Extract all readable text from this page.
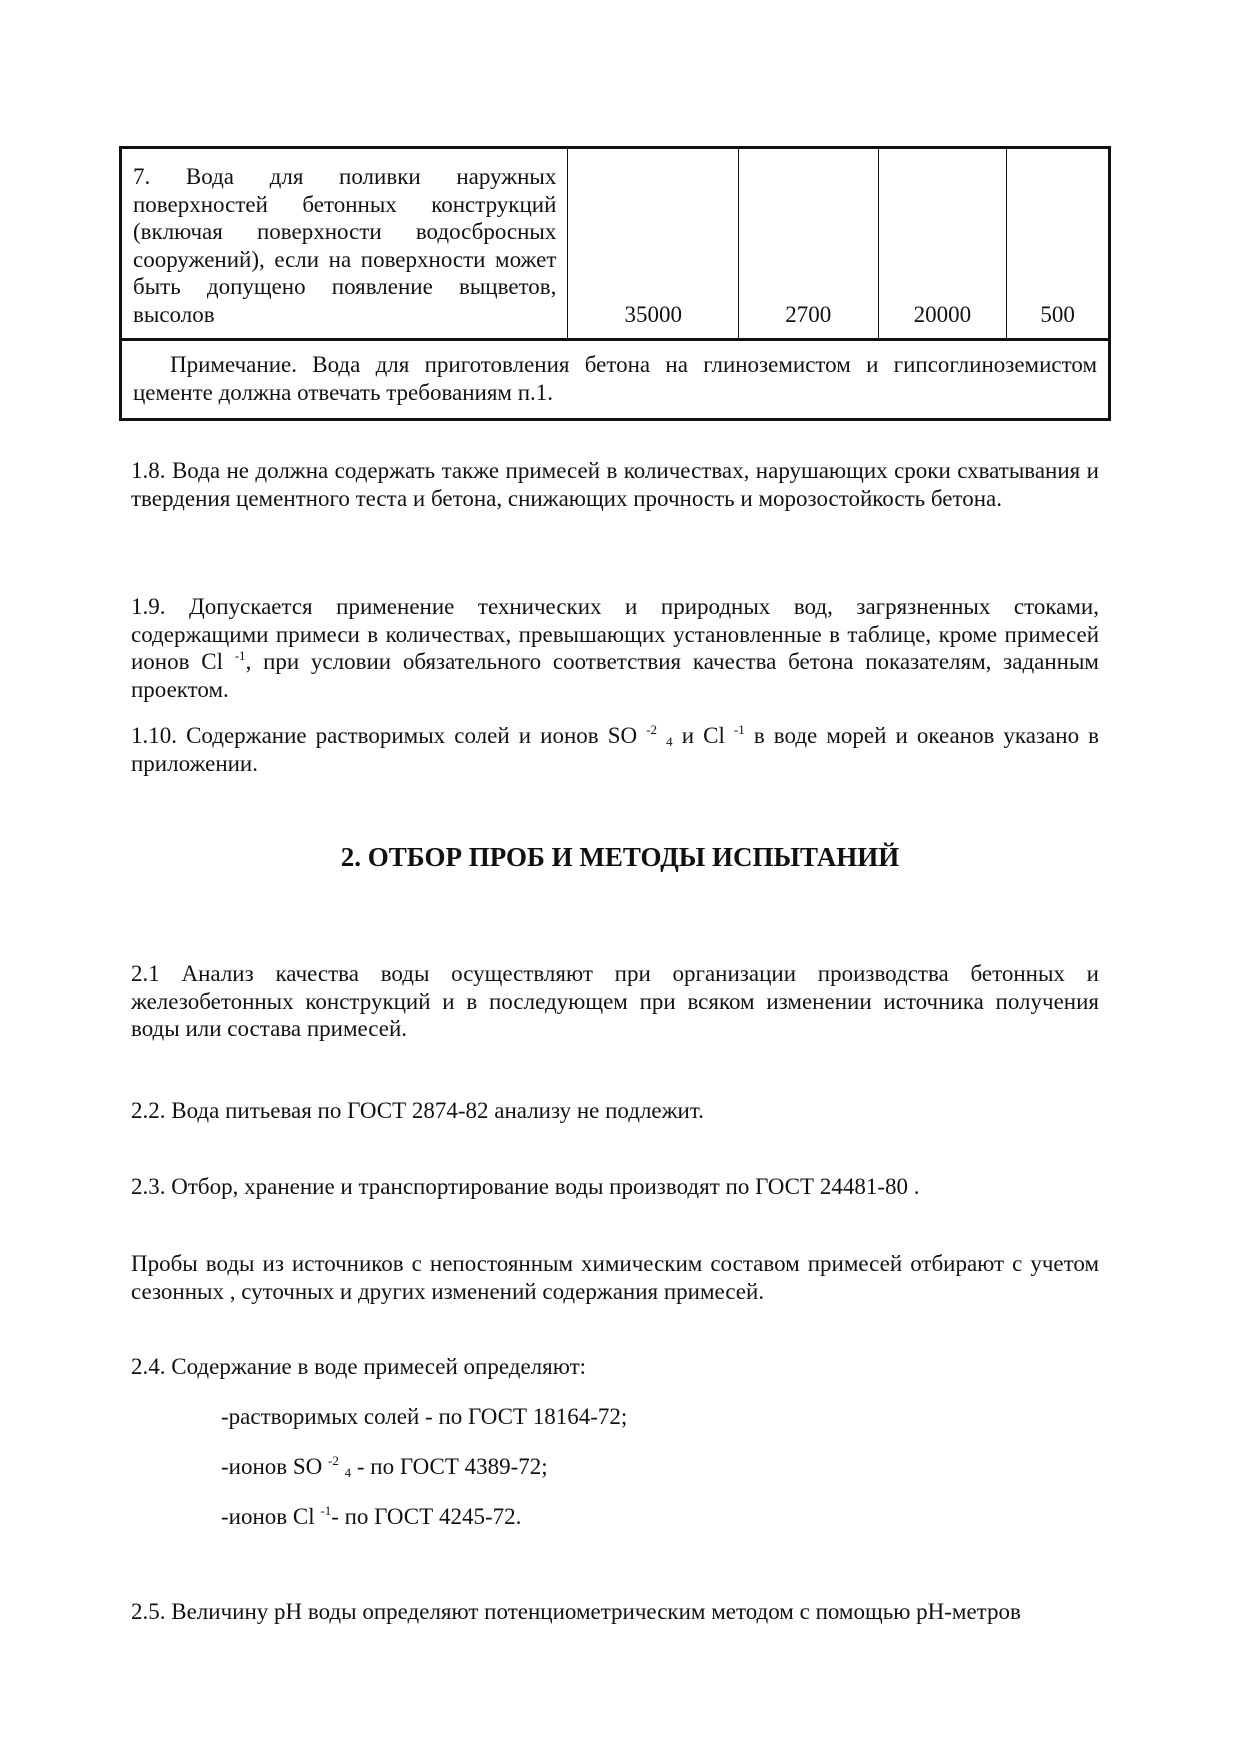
7. Вода для поливки наружных поверхностей бетонных конструкций (включая поверхности водосбросных сооружений), если на поверхности может быть допущено появление выцветов, высолов	35000	2700	20000	500

Примечание. Вода для приготовления бетона на глиноземистом и гипсоглиноземистом цементе должна отвечать требованиям п.1.
1.8. Вода не должна содержать также примесей в количествах, нарушающих сроки схватывания и твердения цементного теста и бетона, снижающих прочность и морозостойкость бетона.
1.9. Допускается применение технических и природных вод, загрязненных стоками, содержащими примеси в количествах, превышающих установленные в таблице, кроме примесей ионов Cl $^{-1}$, при условии обязательного соответствия качества бетона показателям, заданным проектом.
1.10. Содержание растворимых солей и ионов SO $^{-2}$ $_4$ и Cl $^{-1}$ в воде морей и океанов указано в приложении.
2. ОТБОР ПРОБ И МЕТОДЫ ИСПЫТАНИЙ
2.1 Анализ качества воды осуществляют при организации производства бетонных и железобетонных конструкций и в последующем при всяком изменении источника получения воды или состава примесей.
2.2. Вода питьевая по ГОСТ 2874-82 анализу не подлежит.
2.3. Отбор, хранение и транспортирование воды производят по ГОСТ 24481-80 .
Пробы воды из источников с непостоянным химическим составом примесей отбирают с учетом сезонных , суточных и других изменений содержания примесей.
2.4. Содержание в воде примесей определяют:
-растворимых солей - по ГОСТ 18164-72;
-ионов SO $^{-2}$ $_4$ - по ГОСТ 4389-72;
-ионов Cl $^{-1}$- по ГОСТ 4245-72.
2.5. Величину pH воды определяют потенциометрическим методом с помощью pH-метров
